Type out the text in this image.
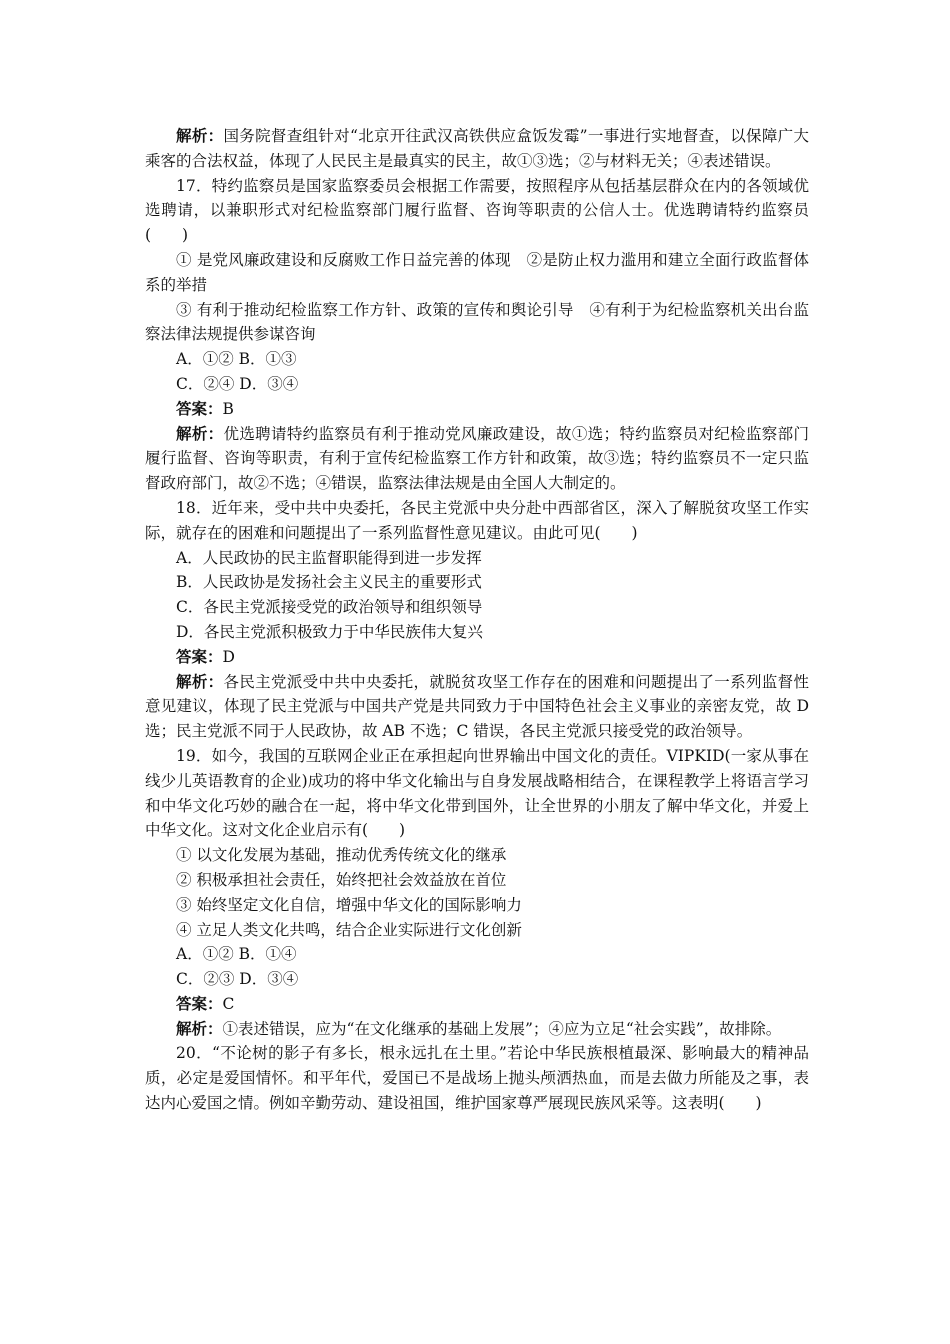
解析：国务院督查组针对“北京开往武汉高铁供应盒饭发霉”一事进行实地督查，以保障广大乘客的合法权益，体现了人民民主是最真实的民主，故①③选；②与材料无关；④表述错误。

17．特约监察员是国家监察委员会根据工作需要，按照程序从包括基层群众在内的各领域优选聘请，以兼职形式对纪检监察部门履行监督、咨询等职责的公信人士。优选聘请特约监察员(　　)

① 是党风廉政建设和反腐败工作日益完善的体现　②是防止权力滥用和建立全面行政监督体系的举措

③ 有利于推动纪检监察工作方针、政策的宣传和舆论引导　④有利于为纪检监察机关出台监察法律法规提供参谋咨询

A．①② B．①③

C．②④ D．③④

答案：B

解析：优选聘请特约监察员有利于推动党风廉政建设，故①选；特约监察员对纪检监察部门履行监督、咨询等职责，有利于宣传纪检监察工作方针和政策，故③选；特约监察员不一定只监督政府部门，故②不选；④错误，监察法律法规是由全国人大制定的。

18．近年来，受中共中央委托，各民主党派中央分赴中西部省区，深入了解脱贫攻坚工作实际，就存在的困难和问题提出了一系列监督性意见建议。由此可见(　　)

A．人民政协的民主监督职能得到进一步发挥

B．人民政协是发扬社会主义民主的重要形式

C．各民主党派接受党的政治领导和组织领导

D．各民主党派积极致力于中华民族伟大复兴

答案：D

解析：各民主党派受中共中央委托，就脱贫攻坚工作存在的困难和问题提出了一系列监督性意见建议，体现了民主党派与中国共产党是共同致力于中国特色社会主义事业的亲密友党，故 D 选；民主党派不同于人民政协，故 AB 不选；C 错误，各民主党派只接受党的政治领导。

19．如今，我国的互联网企业正在承担起向世界输出中国文化的责任。VIPKID(一家从事在线少儿英语教育的企业)成功的将中华文化输出与自身发展战略相结合，在课程教学上将语言学习和中华文化巧妙的融合在一起，将中华文化带到国外，让全世界的小朋友了解中华文化，并爱上中华文化。这对文化企业启示有(　　)

① 以文化发展为基础，推动优秀传统文化的继承

② 积极承担社会责任，始终把社会效益放在首位

③ 始终坚定文化自信，增强中华文化的国际影响力

④ 立足人类文化共鸣，结合企业实际进行文化创新

A．①② B．①④

C．②③ D．③④

答案：C

解析：①表述错误，应为“在文化继承的基础上发展”；④应为立足“社会实践”，故排除。

20．“不论树的影子有多长，根永远扎在土里。”若论中华民族根植最深、影响最大的精神品质，必定是爱国情怀。和平年代，爱国已不是战场上抛头颅洒热血，而是去做力所能及之事，表达内心爱国之情。例如辛勤劳动、建设祖国，维护国家尊严展现民族风采等。这表明(　　)
